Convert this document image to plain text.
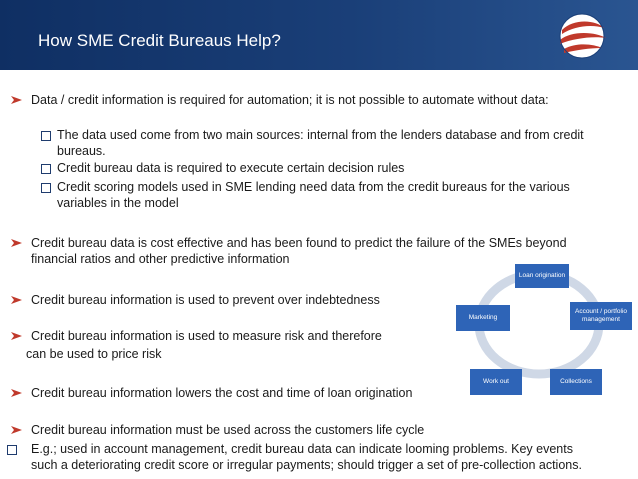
How SME Credit Bureaus Help?
Data / credit information is required for automation; it is not possible to automate without data:
The data used come from two main sources: internal from the lenders database and from credit
bureaus.
Credit bureau data is required to execute certain decision rules
Credit scoring models used in SME lending need data from the credit bureaus for the various
variables in the model
Credit bureau data is cost effective and has been found to predict the failure of the SMEs beyond
financial ratios and other predictive information
Credit bureau information is used to prevent over indebtedness
Credit bureau information is used to measure risk and therefore
can be used to price risk
Credit bureau information lowers the cost and time of loan origination
Credit bureau information must be used across the customers life cycle
E.g.; used in account management, credit bureau data can indicate looming problems. Key events
such a deteriorating credit score or irregular payments; should trigger a set of pre-collection actions.
Loan origination
Account / portfolio management
Collections
Work out
Marketing
